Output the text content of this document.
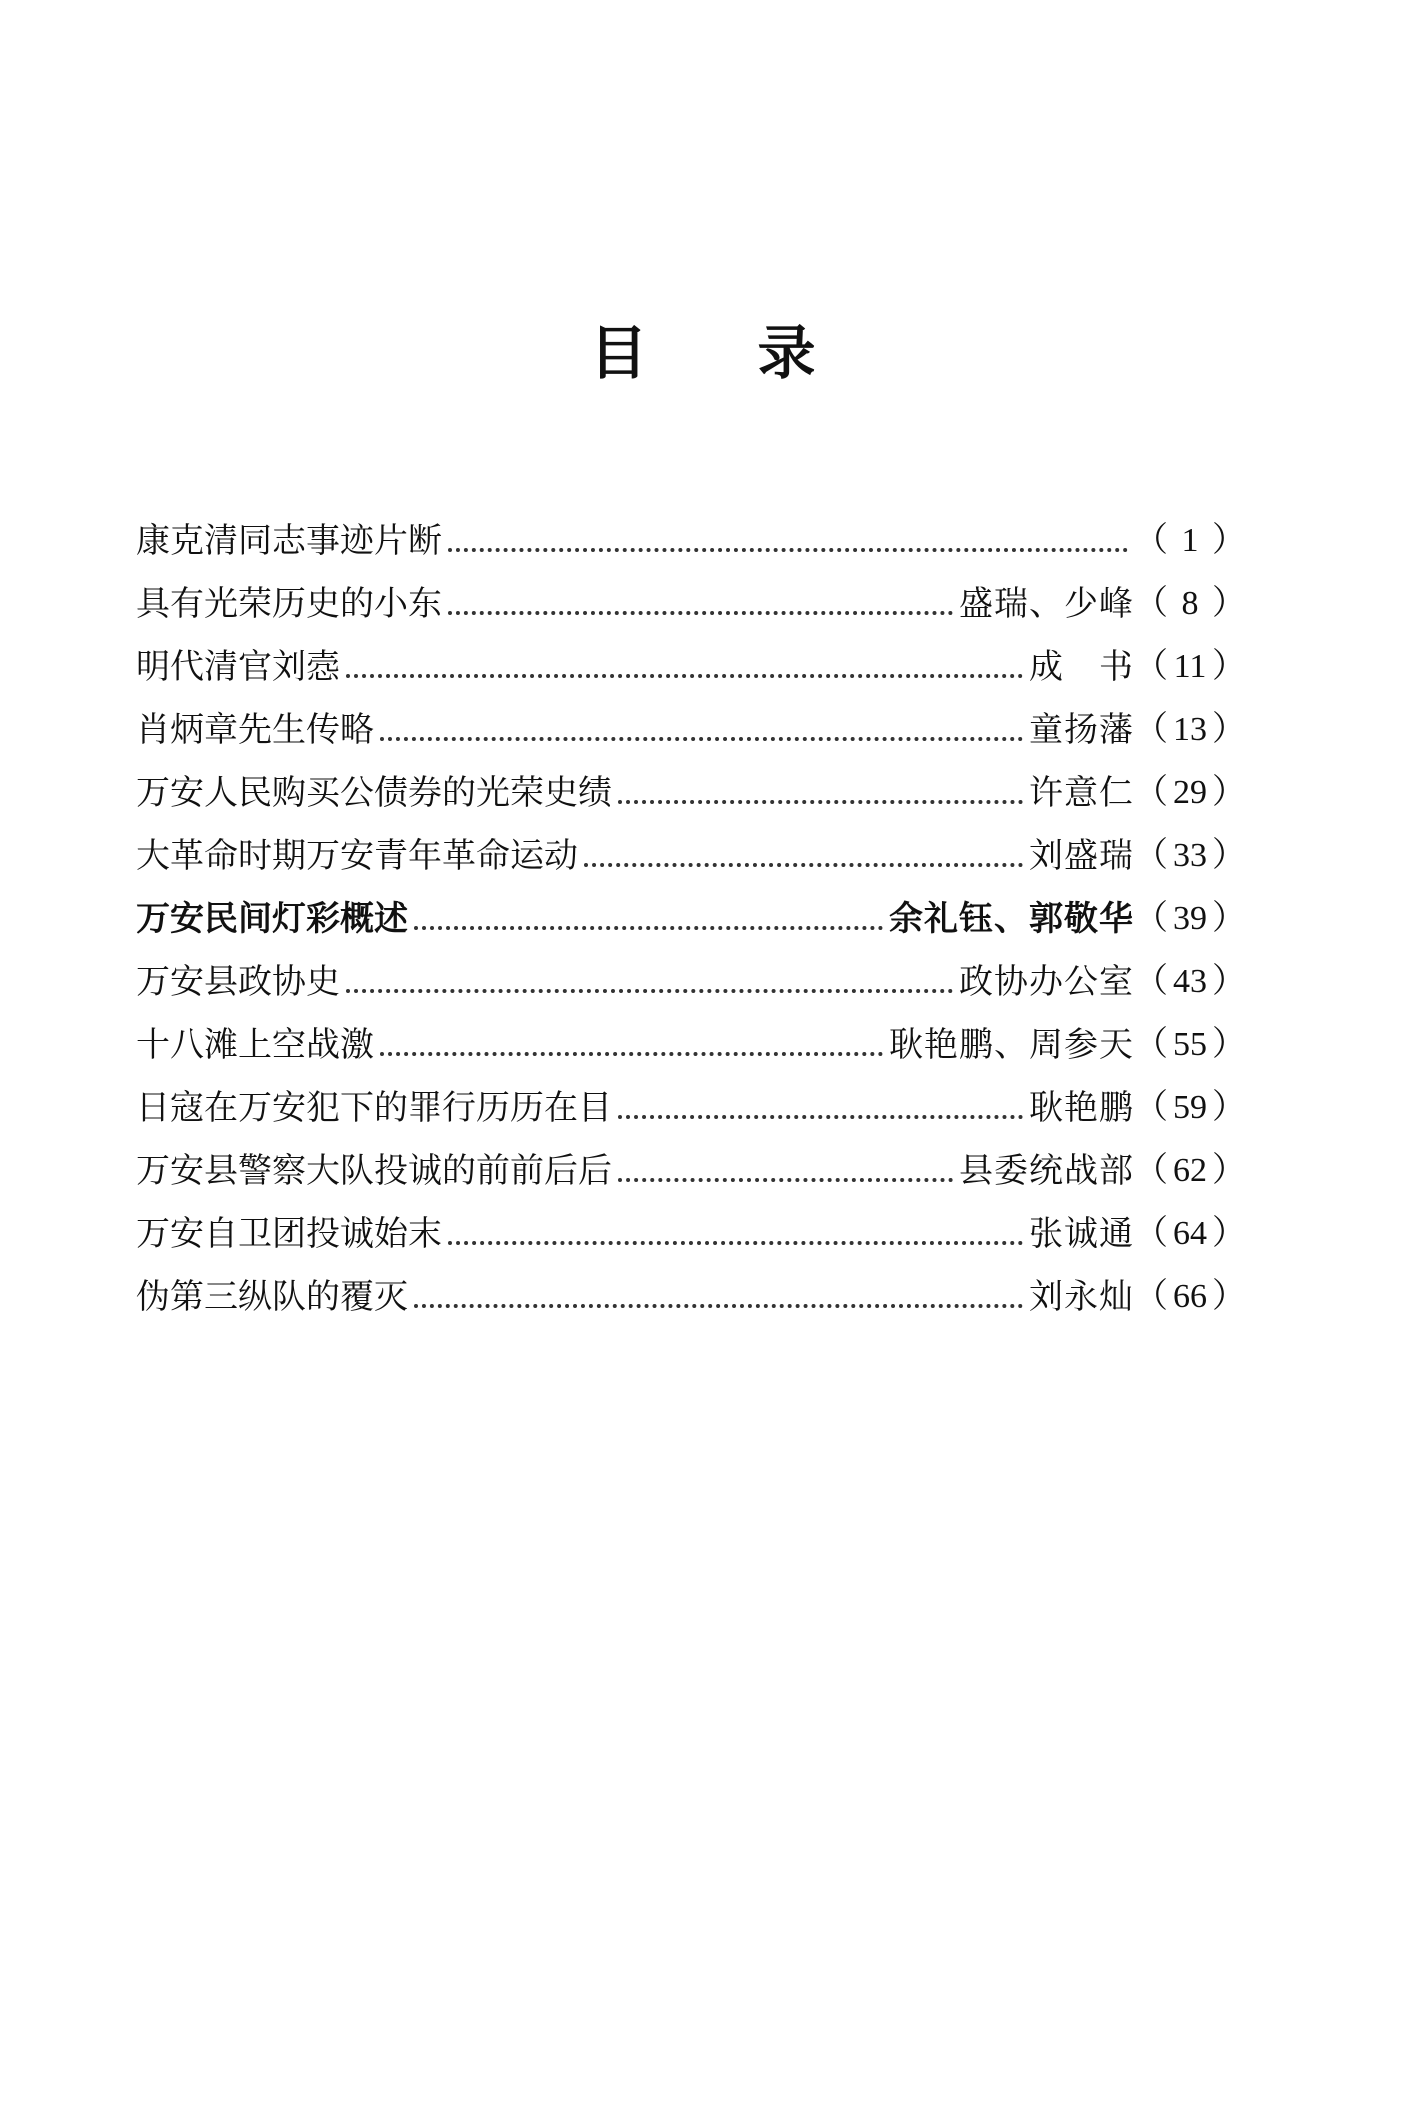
目 录
康克清同志事迹片断	（ 1 ）
具有光荣历史的小东	盛瑞、少峰 （ 8 ）
明代清官刘悫	成　书 （ 11 ）
肖炳章先生传略	童扬藩 （ 13 ）
万安人民购买公债券的光荣史绩	许意仁 （ 29 ）
大革命时期万安青年革命运动	刘盛瑞 （ 33 ）
万安民间灯彩概述	余礼钰、郭敬华 （ 39 ）
万安县政协史	政协办公室 （ 43 ）
十八滩上空战激	耿艳鹏、周参天 （ 55 ）
日寇在万安犯下的罪行历历在目	耿艳鹏 （ 59 ）
万安县警察大队投诚的前前后后	县委统战部 （ 62 ）
万安自卫团投诚始末	张诚通 （ 64 ）
伪第三纵队的覆灭	刘永灿 （ 66 ）
